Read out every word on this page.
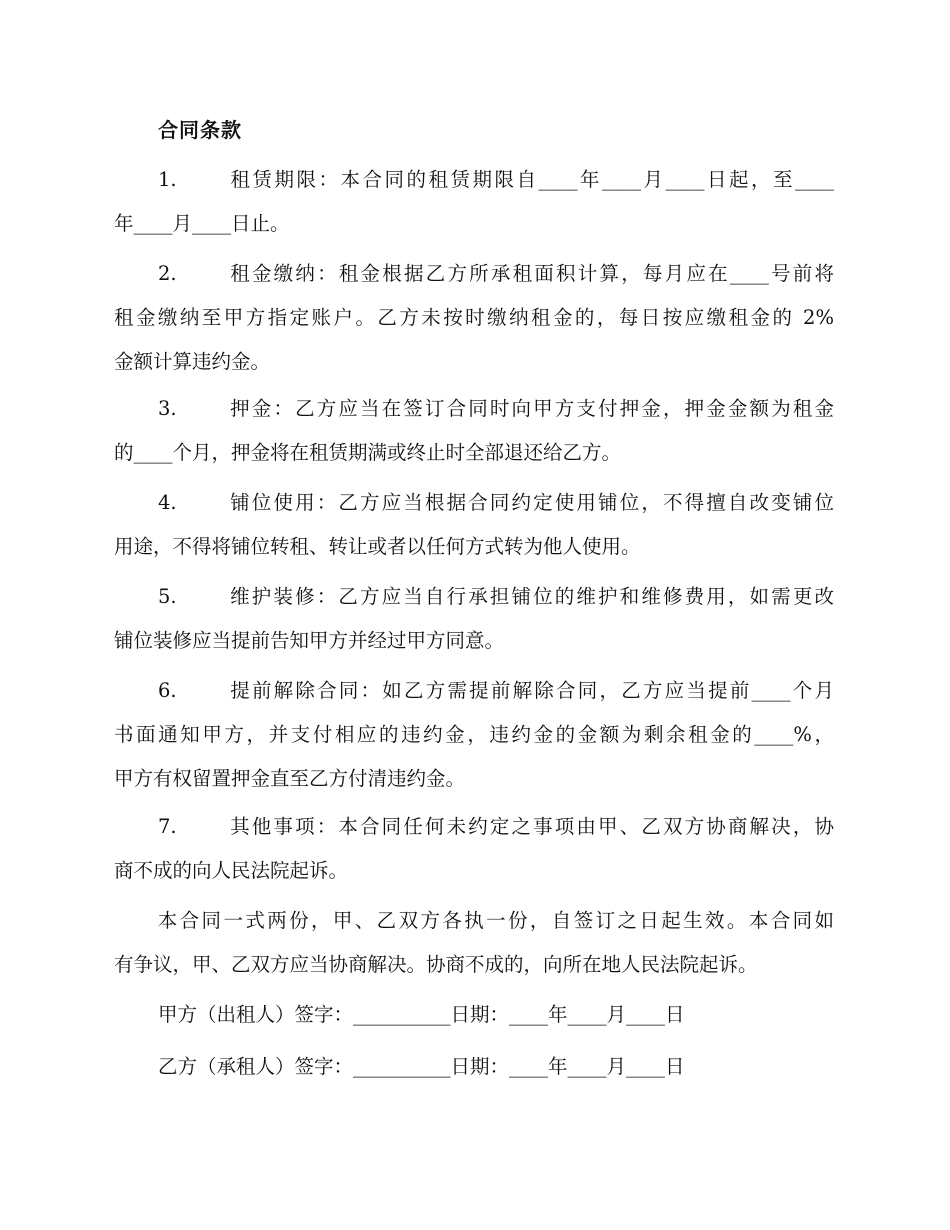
合同条款
1.	租赁期限：本合同的租赁期限自____年____月____日起，至____
年____月____日止。
2.	租金缴纳：租金根据乙方所承租面积计算，每月应在____号前将
租金缴纳至甲方指定账户。乙方未按时缴纳租金的，每日按应缴租金的 2%
金额计算违约金。
3.	押金：乙方应当在签订合同时向甲方支付押金，押金金额为租金
的____个月，押金将在租赁期满或终止时全部退还给乙方。
4.	铺位使用：乙方应当根据合同约定使用铺位，不得擅自改变铺位
用途，不得将铺位转租、转让或者以任何方式转为他人使用。
5.	维护装修：乙方应当自行承担铺位的维护和维修费用，如需更改
铺位装修应当提前告知甲方并经过甲方同意。
6.	提前解除合同：如乙方需提前解除合同，乙方应当提前____个月
书面通知甲方，并支付相应的违约金，违约金的金额为剩余租金的____%，
甲方有权留置押金直至乙方付清违约金。
7.	其他事项：本合同任何未约定之事项由甲、乙双方协商解决，协
商不成的向人民法院起诉。
　　本合同一式两份，甲、乙双方各执一份，自签订之日起生效。本合同如
有争议，甲、乙双方应当协商解决。协商不成的，向所在地人民法院起诉。
甲方（出租人）签字：__________日期：____年____月____日
乙方（承租人）签字：__________日期：____年____月____日
